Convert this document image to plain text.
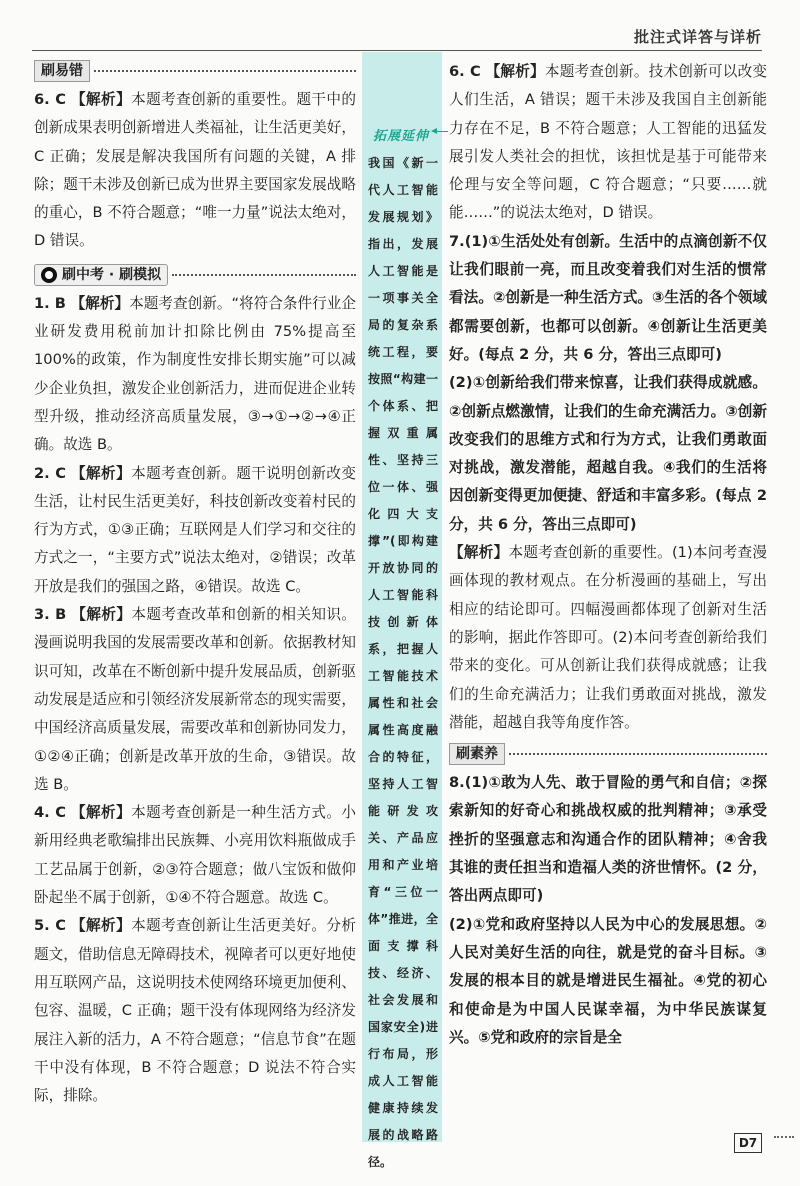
批注式详答与详析
刷易错

6. C 【解析】本题考查创新的重要性。题干中的创新成果表明创新增进人类福祉，让生活更美好，C 正确；发展是解决我国所有问题的关键，A 排除；题干未涉及创新已成为世界主要国家发展战略的重心，B 不符合题意；“唯一力量”说法太绝对，D 错误。

刷中考 · 刷模拟

1. B 【解析】本题考查创新。“将符合条件行业企业研发费用税前加计扣除比例由 75%提高至 100%的政策，作为制度性安排长期实施”可以减少企业负担，激发企业创新活力，进而促进企业转型升级，推动经济高质量发展，③→①→②→④正确。故选 B。

2. C 【解析】本题考查创新。题干说明创新改变生活，让村民生活更美好，科技创新改变着村民的行为方式，①③正确；互联网是人们学习和交往的方式之一，“主要方式”说法太绝对，②错误；改革开放是我们的强国之路，④错误。故选 C。

3. B 【解析】本题考查改革和创新的相关知识。漫画说明我国的发展需要改革和创新。依据教材知识可知，改革在不断创新中提升发展品质，创新驱动发展是适应和引领经济发展新常态的现实需要，中国经济高质量发展，需要改革和创新协同发力，①②④正确；创新是改革开放的生命，③错误。故选 B。

4. C 【解析】本题考查创新是一种生活方式。小新用经典老歌编排出民族舞、小亮用饮料瓶做成手工艺品属于创新，②③符合题意；做八宝饭和做仰卧起坐不属于创新，①④不符合题意。故选 C。

5. C 【解析】本题考查创新让生活更美好。分析题文，借助信息无障碍技术，视障者可以更好地使用互联网产品，这说明技术使网络环境更加便利、包容、温暖，C 正确；题干没有体现网络为经济发展注入新的活力，A 不符合题意；“信息节食”在题干中没有体现，B 不符合题意；D 说法不符合实际，排除。

拓展延伸
我国《新一代人工智能发展规划》指出，发展人工智能是一项事关全局的复杂系统工程，要按照“构建一个体系、把握双重属性、坚持三位一体、强化四大支撑”(即构建开放协同的人工智能科技创新体系，把握人工智能技术属性和社会属性高度融合的特征，坚持人工智能研发攻关、产品应用和产业培育“三位一体”推进，全面支撑科技、经济、社会发展和国家安全)进行布局，形成人工智能健康持续发展的战略路径。

6. C 【解析】本题考查创新。技术创新可以改变人们生活，A 错误；题干未涉及我国自主创新能力存在不足，B 不符合题意；人工智能的迅猛发展引发人类社会的担忧，该担忧是基于可能带来伦理与安全等问题，C 符合题意；“只要……就能……”的说法太绝对，D 错误。

7.(1)①生活处处有创新。生活中的点滴创新不仅让我们眼前一亮，而且改变着我们对生活的惯常看法。②创新是一种生活方式。③生活的各个领域都需要创新，也都可以创新。④创新让生活更美好。(每点 2 分，共 6 分，答出三点即可)

(2)①创新给我们带来惊喜，让我们获得成就感。②创新点燃激情，让我们的生命充满活力。③创新改变我们的思维方式和行为方式，让我们勇敢面对挑战，激发潜能，超越自我。④我们的生活将因创新变得更加便捷、舒适和丰富多彩。(每点 2 分，共 6 分，答出三点即可)

【解析】本题考查创新的重要性。(1)本问考查漫画体现的教材观点。在分析漫画的基础上，写出相应的结论即可。四幅漫画都体现了创新对生活的影响，据此作答即可。(2)本问考查创新给我们带来的变化。可从创新让我们获得成就感；让我们的生命充满活力；让我们勇敢面对挑战，激发潜能，超越自我等角度作答。

刷素养

8.(1)①敢为人先、敢于冒险的勇气和自信；②探索新知的好奇心和挑战权威的批判精神；③承受挫折的坚强意志和沟通合作的团队精神；④舍我其谁的责任担当和造福人类的济世情怀。(2 分，答出两点即可)

(2)①党和政府坚持以人民为中心的发展思想。②人民对美好生活的向往，就是党的奋斗目标。③发展的根本目的就是增进民生福祉。④党的初心和使命是为中国人民谋幸福，为中华民族谋复兴。⑤党和政府的宗旨是全

D7
